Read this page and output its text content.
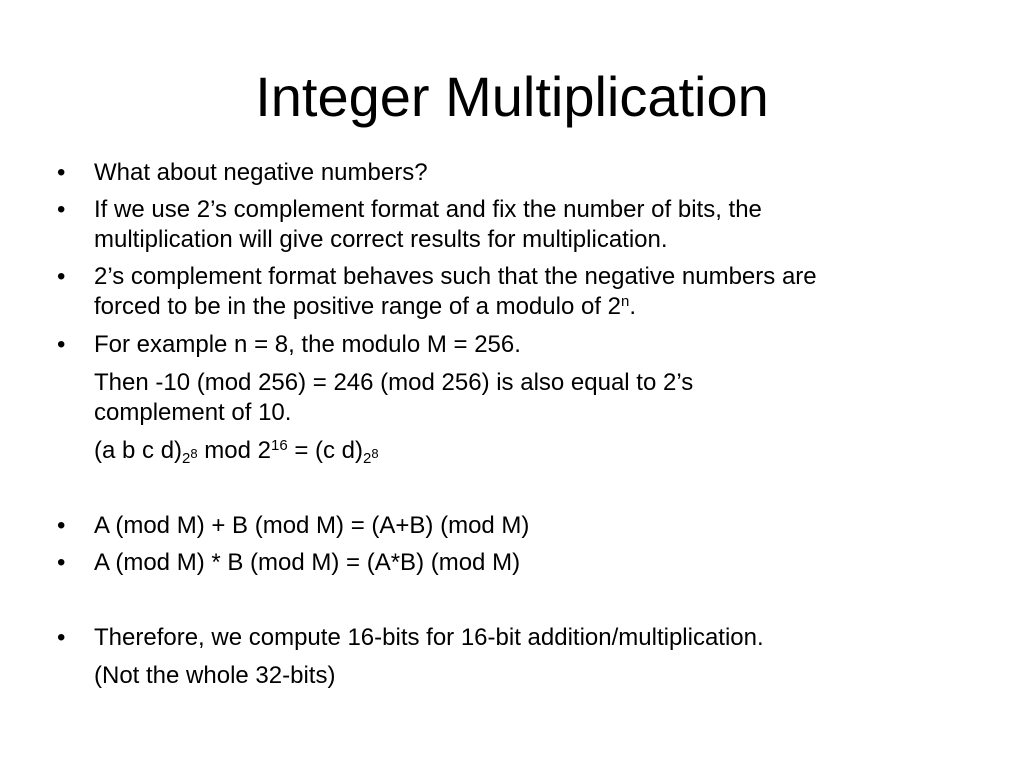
Integer Multiplication
• What about negative numbers?
• If we use 2’s complement format and fix the number of bits, the
multiplication will give correct results for multiplication.
• 2’s complement format behaves such that the negative numbers are
forced to be in the positive range of a modulo of 2$^n$.
• For example n = 8, the modulo M = 256.
Then -10 (mod 256) = 246 (mod 256) is also equal to 2’s
complement of 10.
(a b c $d)_{2^8}$ mod $2^{16} = (c$ $d)_{2^8}$
• A (mod M) + B (mod M) = (A+B) (mod M)
• A (mod M) * B (mod M) = (A*B) (mod M)
• Therefore, we compute 16-bits for 16-bit addition/multiplication.
(Not the whole 32-bits)
